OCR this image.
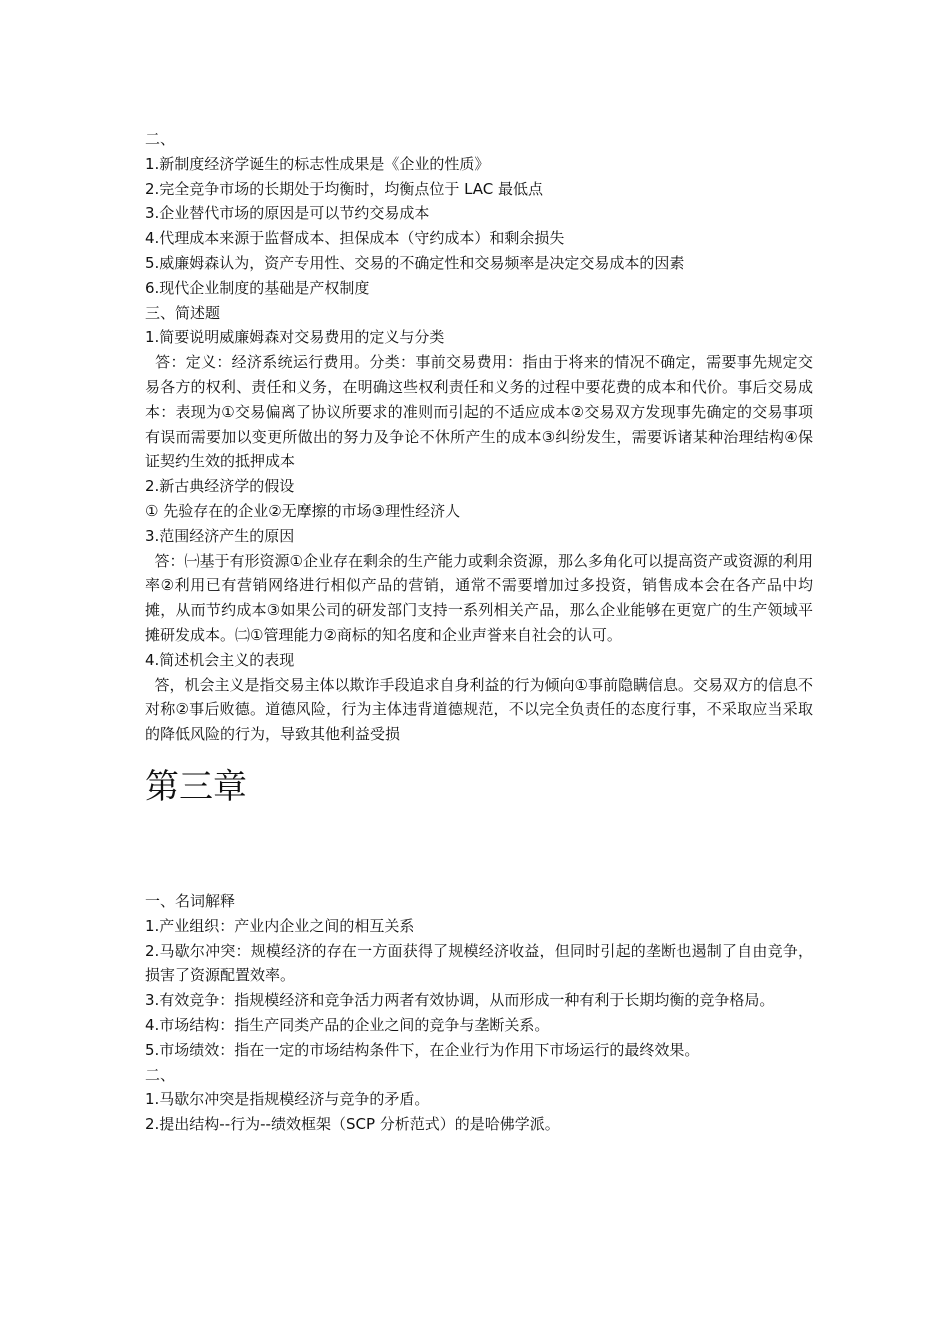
二、

1.新制度经济学诞生的标志性成果是《企业的性质》

2.完全竞争市场的长期处于均衡时，均衡点位于 LAC 最低点

3.企业替代市场的原因是可以节约交易成本

4.代理成本来源于监督成本、担保成本（守约成本）和剩余损失

5.威廉姆森认为，资产专用性、交易的不确定性和交易频率是决定交易成本的因素

6.现代企业制度的基础是产权制度

三、简述题

1.简要说明威廉姆森对交易费用的定义与分类

答：定义：经济系统运行费用。分类：事前交易费用：指由于将来的情况不确定，需要事先规定交易各方的权利、责任和义务，在明确这些权利责任和义务的过程中要花费的成本和代价。事后交易成本：表现为①交易偏离了协议所要求的准则而引起的不适应成本②交易双方发现事先确定的交易事项有误而需要加以变更所做出的努力及争论不休所产生的成本③纠纷发生，需要诉诸某种治理结构④保证契约生效的抵押成本

2.新古典经济学的假设

① 先验存在的企业②无摩擦的市场③理性经济人

3.范围经济产生的原因

答：㈠基于有形资源①企业存在剩余的生产能力或剩余资源，那么多角化可以提高资产或资源的利用率②利用已有营销网络进行相似产品的营销，通常不需要增加过多投资，销售成本会在各产品中均摊，从而节约成本③如果公司的研发部门支持一系列相关产品，那么企业能够在更宽广的生产领域平摊研发成本。㈡①管理能力②商标的知名度和企业声誉来自社会的认可。

4.简述机会主义的表现

答，机会主义是指交易主体以欺诈手段追求自身利益的行为倾向①事前隐瞒信息。交易双方的信息不对称②事后败德。道德风险，行为主体违背道德规范，不以完全负责任的态度行事，不采取应当采取的降低风险的行为，导致其他利益受损

第三章

一、名词解释

1.产业组织：产业内企业之间的相互关系

2.马歇尔冲突：规模经济的存在一方面获得了规模经济收益，但同时引起的垄断也遏制了自由竞争，损害了资源配置效率。

3.有效竞争：指规模经济和竞争活力两者有效协调，从而形成一种有利于长期均衡的竞争格局。

4.市场结构：指生产同类产品的企业之间的竞争与垄断关系。

5.市场绩效：指在一定的市场结构条件下，在企业行为作用下市场运行的最终效果。

二、

1.马歇尔冲突是指规模经济与竞争的矛盾。

2.提出结构--行为--绩效框架（SCP 分析范式）的是哈佛学派。
